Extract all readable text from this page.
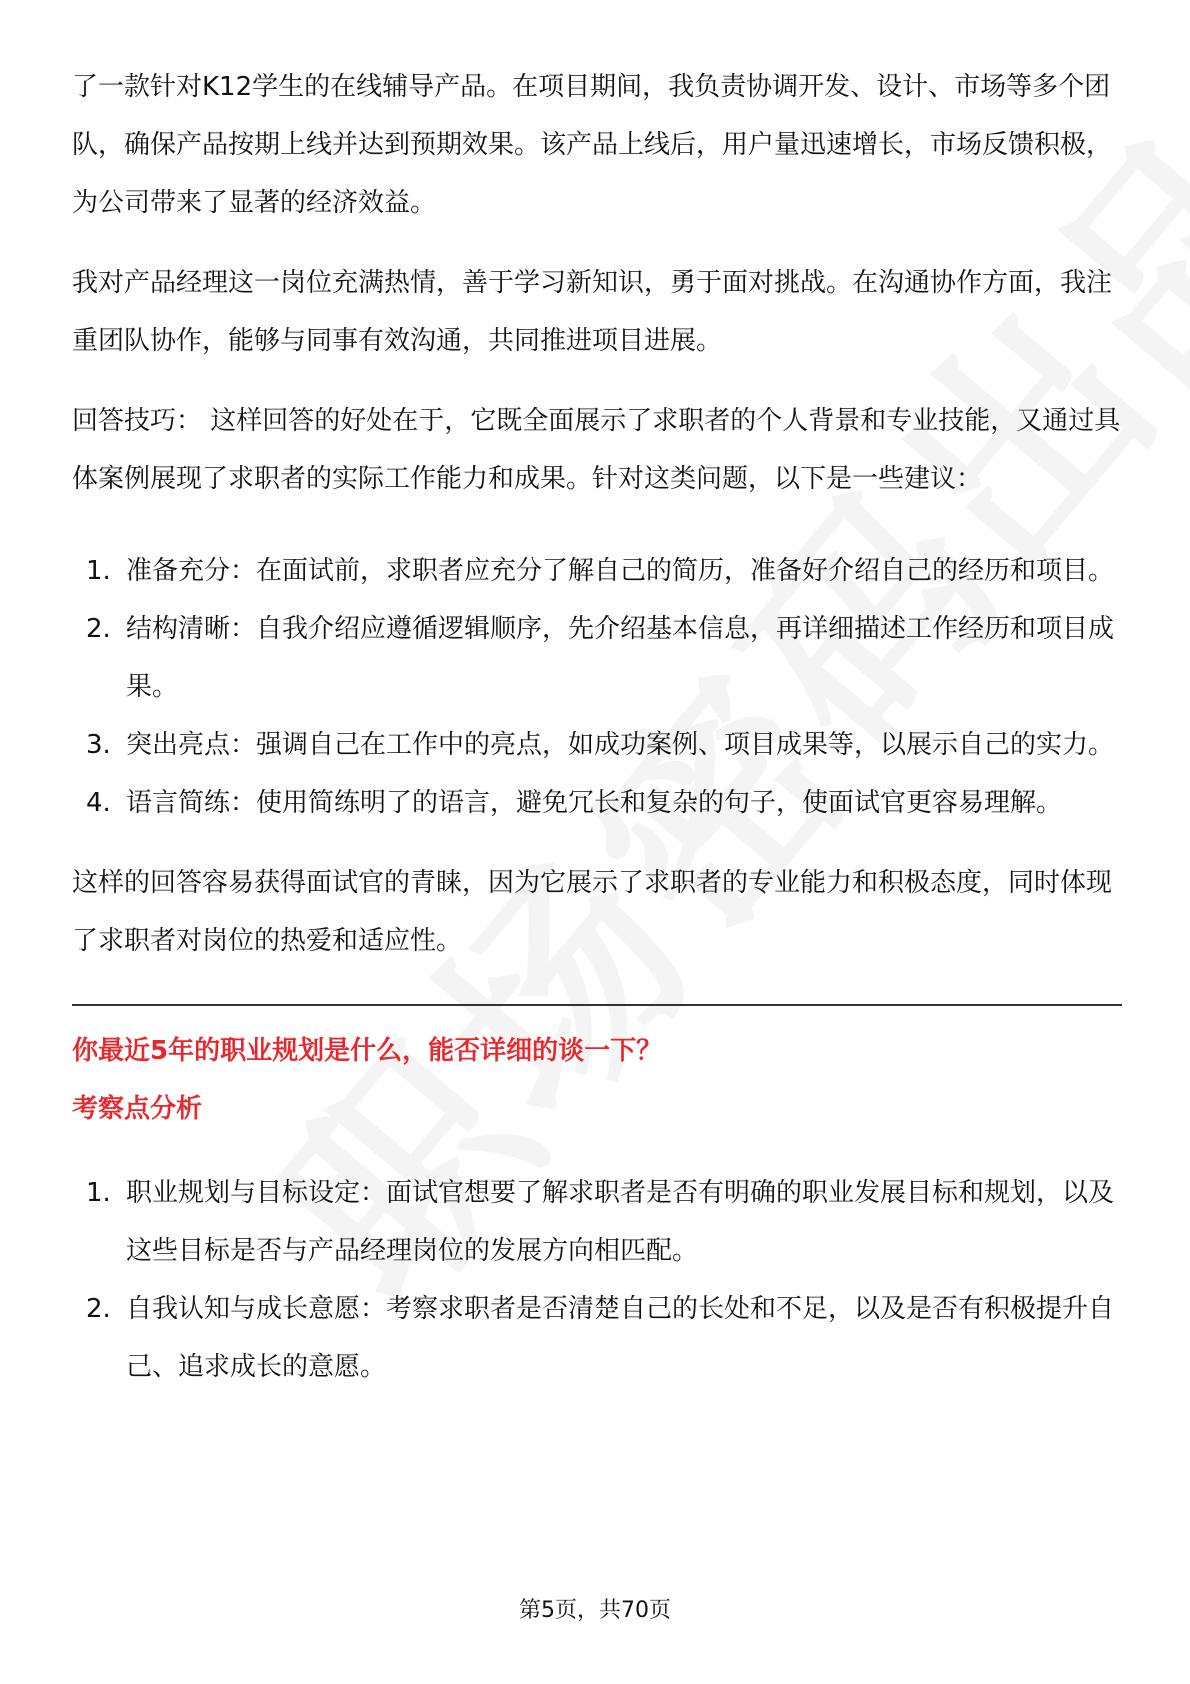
了一款针对K12学生的在线辅导产品。在项目期间，我负责协调开发、设计、市场等多个团队，确保产品按期上线并达到预期效果。该产品上线后，用户量迅速增长，市场反馈积极，为公司带来了显著的经济效益。

我对产品经理这一岗位充满热情，善于学习新知识，勇于面对挑战。在沟通协作方面，我注重团队协作，能够与同事有效沟通，共同推进项目进展。

回答技巧： 这样回答的好处在于，它既全面展示了求职者的个人背景和专业技能，又通过具体案例展现了求职者的实际工作能力和成果。针对这类问题，以下是一些建议：

1. 准备充分：在面试前，求职者应充分了解自己的简历，准备好介绍自己的经历和项目。
2. 结构清晰：自我介绍应遵循逻辑顺序，先介绍基本信息，再详细描述工作经历和项目成果。
3. 突出亮点：强调自己在工作中的亮点，如成功案例、项目成果等，以展示自己的实力。
4. 语言简练：使用简练明了的语言，避免冗长和复杂的句子，使面试官更容易理解。

这样的回答容易获得面试官的青睐，因为它展示了求职者的专业能力和积极态度，同时体现了求职者对岗位的热爱和适应性。

你最近5年的职业规划是什么，能否详细的谈一下？

考察点分析

1. 职业规划与目标设定：面试官想要了解求职者是否有明确的职业发展目标和规划，以及这些目标是否与产品经理岗位的发展方向相匹配。
2. 自我认知与成长意愿：考察求职者是否清楚自己的长处和不足，以及是否有积极提升自己、追求成长的意愿。
第5页，共70页
